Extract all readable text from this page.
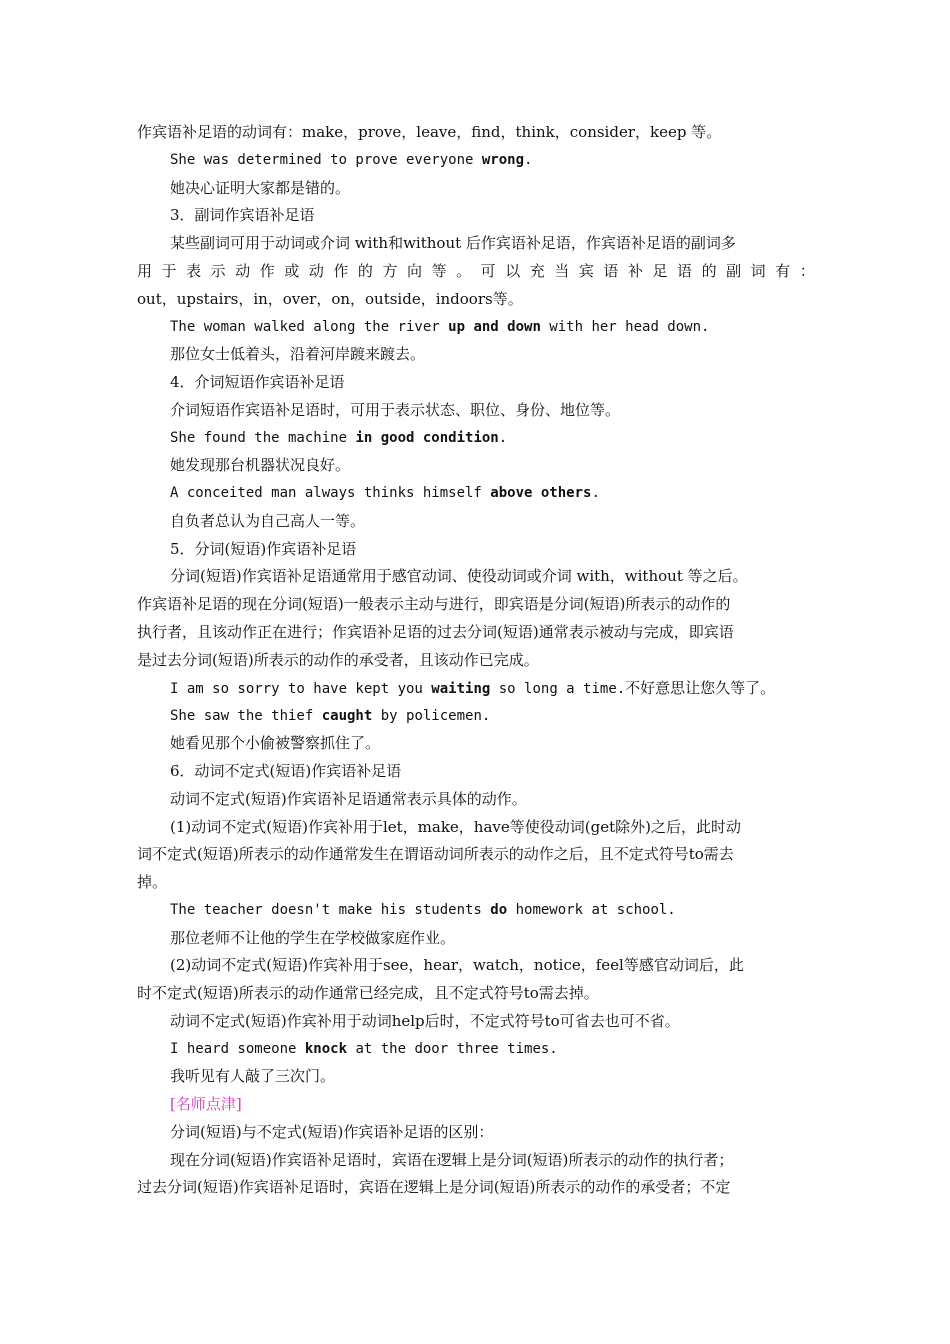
作宾语补足语的动词有：make，prove，leave，find，think，consider，keep 等。
She was determined to prove everyone wrong.
她决心证明大家都是错的。
3．副词作宾语补足语
某些副词可用于动词或介词 with和without 后作宾语补足语，作宾语补足语的副词多
用 于 表 示 动 作 或 动 作 的 方 向 等 。 可 以 充 当 宾 语 补 足 语 的 副 词 有 ：
out，upstairs，in，over，on，outside，indoors等。
The woman walked along the river up and down with her head down.
那位女士低着头，沿着河岸踱来踱去。
4．介词短语作宾语补足语
介词短语作宾语补足语时，可用于表示状态、职位、身份、地位等。
She found the machine in good condition.
她发现那台机器状况良好。
A conceited man always thinks himself above others.
自负者总认为自己高人一等。
5．分词(短语)作宾语补足语
分词(短语)作宾语补足语通常用于感官动词、使役动词或介词 with，without 等之后。
作宾语补足语的现在分词(短语)一般表示主动与进行，即宾语是分词(短语)所表示的动作的
执行者，且该动作正在进行；作宾语补足语的过去分词(短语)通常表示被动与完成，即宾语
是过去分词(短语)所表示的动作的承受者，且该动作已完成。
I am so sorry to have kept you waiting so long a time.不好意思让您久等了。
She saw the thief caught by policemen.
她看见那个小偷被警察抓住了。
6．动词不定式(短语)作宾语补足语
动词不定式(短语)作宾语补足语通常表示具体的动作。
(1)动词不定式(短语)作宾补用于let，make，have等使役动词(get除外)之后，此时动
词不定式(短语)所表示的动作通常发生在谓语动词所表示的动作之后，且不定式符号to需去
掉。
The teacher doesn't make his students do homework at school.
那位老师不让他的学生在学校做家庭作业。
(2)动词不定式(短语)作宾补用于see，hear，watch，notice，feel等感官动词后，此
时不定式(短语)所表示的动作通常已经完成，且不定式符号to需去掉。
动词不定式(短语)作宾补用于动词help后时，不定式符号to可省去也可不省。
I heard someone knock at the door three times.
我听见有人敲了三次门。
[名师点津]
分词(短语)与不定式(短语)作宾语补足语的区别：
现在分词(短语)作宾语补足语时，宾语在逻辑上是分词(短语)所表示的动作的执行者；
过去分词(短语)作宾语补足语时，宾语在逻辑上是分词(短语)所表示的动作的承受者；不定
